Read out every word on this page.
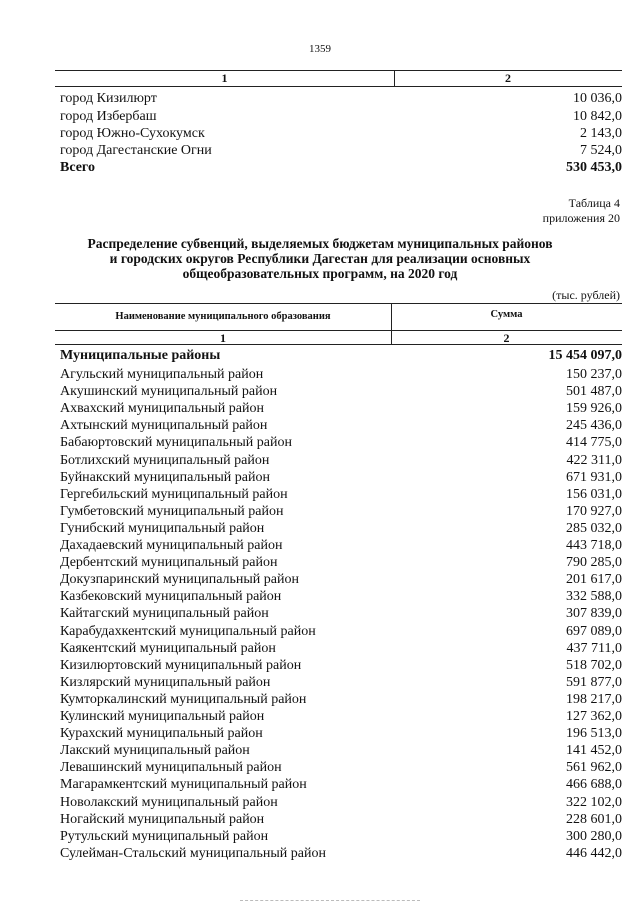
1359
1	2
город Кизилюрт	10 036,0
город Избербаш	10 842,0
город Южно-Сухокумск	2 143,0
город Дагестанские Огни	7 524,0
Всего	530 453,0
Таблица 4
приложения 20
Распределение субвенций, выделяемых бюджетам муниципальных районов
и городских округов Республики Дагестан для реализации основных
общеобразовательных программ, на 2020 год
(тыс. рублей)
Наименование муниципального образования	Сумма
1	2
Муниципальные районы	15 454 097,0
Агульский муниципальный район	150 237,0
Акушинский муниципальный район	501 487,0
Ахвахский муниципальный район	159 926,0
Ахтынский муниципальный район	245 436,0
Бабаюртовский муниципальный район	414 775,0
Ботлихский муниципальный район	422 311,0
Буйнакский муниципальный район	671 931,0
Гергебильский муниципальный район	156 031,0
Гумбетовский муниципальный район	170 927,0
Гунибский муниципальный район	285 032,0
Дахадаевский муниципальный район	443 718,0
Дербентский муниципальный район	790 285,0
Докузпаринский муниципальный район	201 617,0
Казбековский муниципальный район	332 588,0
Кайтагский муниципальный район	307 839,0
Карабудахкентский муниципальный район	697 089,0
Каякентский муниципальный район	437 711,0
Кизилюртовский муниципальный район	518 702,0
Кизлярский муниципальный район	591 877,0
Кумторкалинский муниципальный район	198 217,0
Кулинский муниципальный район	127 362,0
Курахский муниципальный район	196 513,0
Лакский муниципальный район	141 452,0
Левашинский муниципальный район	561 962,0
Магарамкентский муниципальный район	466 688,0
Новолакский муниципальный район	322 102,0
Ногайский муниципальный район	228 601,0
Рутульский муниципальный район	300 280,0
Сулейман-Стальский муниципальный район	446 442,0
